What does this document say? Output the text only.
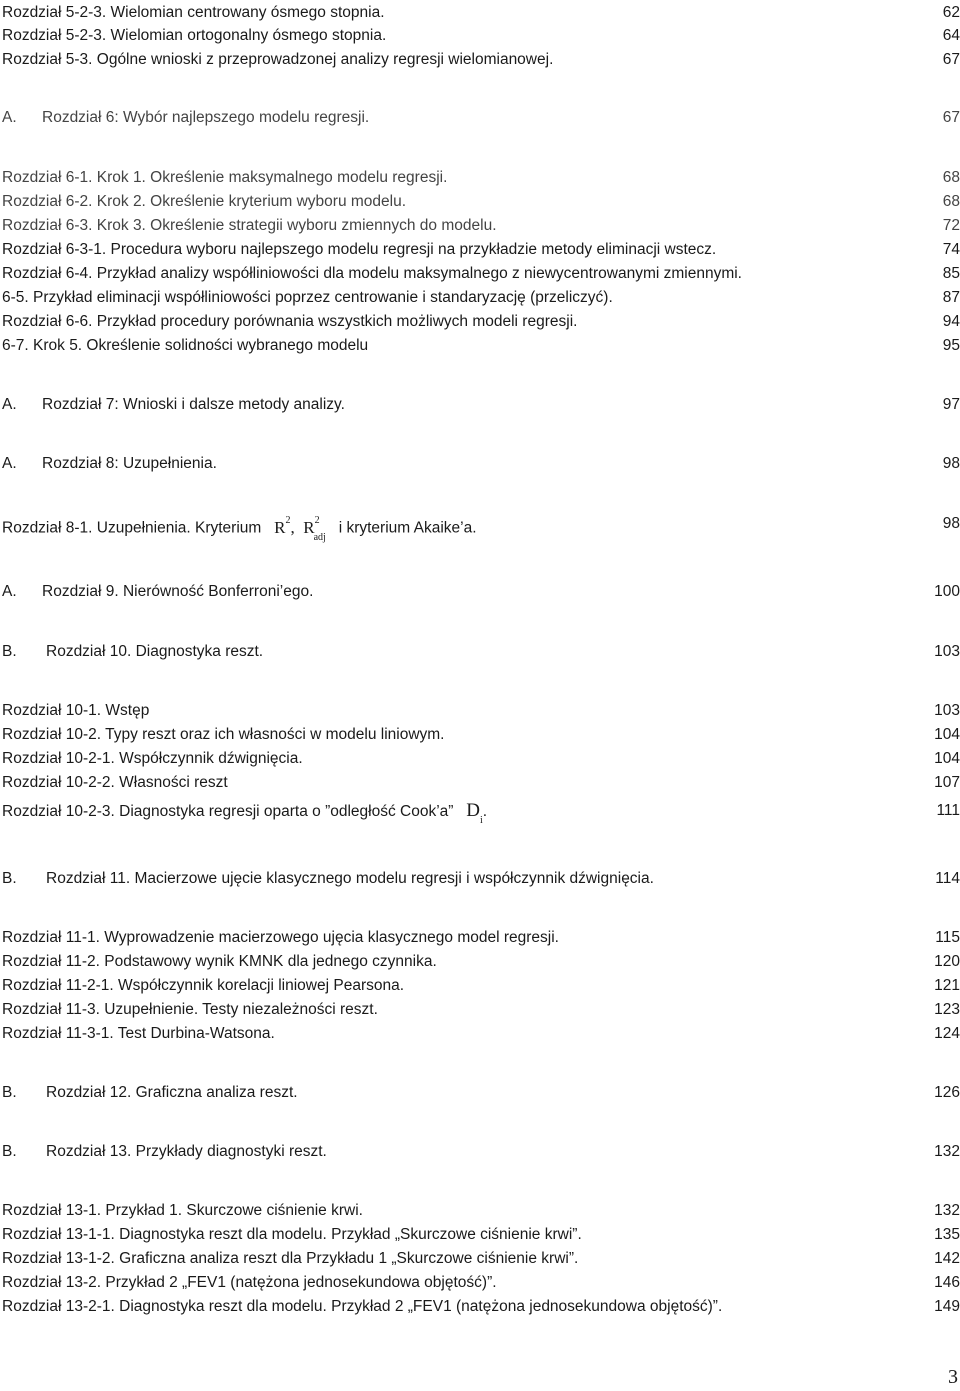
Rozdział 5-2-3. Wielomian centrowany ósmego stopnia.	62
Rozdział 5-2-3. Wielomian ortogonalny ósmego stopnia.	64
Rozdział 5-3. Ogólne wnioski z przeprowadzonej analizy regresji wielomianowej.	67
A. Rozdział 6: Wybór najlepszego modelu regresji.	67
Rozdział 6-1. Krok 1. Określenie maksymalnego modelu regresji.	68
Rozdział 6-2. Krok 2. Określenie kryterium wyboru modelu.	68
Rozdział 6-3. Krok 3. Określenie strategii wyboru zmiennych do modelu.	72
Rozdział 6-3-1. Procedura wyboru najlepszego modelu regresji na przykładzie metody eliminacji wstecz.	74
Rozdział 6-4. Przykład analizy współliniowości dla modelu maksymalnego z niewycentrowanymi zmiennymi.	85
6-5. Przykład eliminacji współliniowości poprzez centrowanie i standaryzację (przeliczyć).	87
Rozdział 6-6. Przykład procedury porównania wszystkich możliwych modeli regresji.	94
6-7. Krok 5. Określenie solidności wybranego modelu	95
A. Rozdział 7: Wnioski i dalsze metody analizy.	97
A. Rozdział 8: Uzupełnienia.	98
Rozdział 8-1. Uzupełnienia. Kryterium $R^2$, $R^2_{adj}$   i kryterium Akaike’a.	98
A. Rozdział 9. Nierówność Bonferroni’ego.	100
B. Rozdział 10. Diagnostyka reszt.	103
Rozdział 10-1. Wstęp	103
Rozdział 10-2. Typy reszt oraz ich własności w modelu liniowym.	104
Rozdział 10-2-1. Współczynnik dźwignięcia.	104
Rozdział 10-2-2. Własności reszt	107
Rozdział 10-2-3. Diagnostyka regresji oparta o ”odległość Cook’a” $D_i$.	111
B. Rozdział 11. Macierzowe ujęcie klasycznego modelu regresji i współczynnik dźwignięcia.	114
Rozdział 11-1. Wyprowadzenie macierzowego ujęcia klasycznego model regresji.	115
Rozdział 11-2. Podstawowy wynik KMNK dla jednego czynnika.	120
Rozdział 11-2-1. Współczynnik korelacji liniowej Pearsona.	121
Rozdział 11-3. Uzupełnienie. Testy niezależności reszt.	123
Rozdział 11-3-1. Test Durbina-Watsona.	124
B. Rozdział 12. Graficzna analiza reszt.	126
B. Rozdział 13. Przykłady diagnostyki reszt.	132
Rozdział 13-1. Przykład 1. Skurczowe ciśnienie krwi.	132
Rozdział 13-1-1. Diagnostyka reszt dla modelu. Przykład „Skurczowe ciśnienie krwi”.	135
Rozdział 13-1-2. Graficzna analiza reszt dla Przykładu 1 „Skurczowe ciśnienie krwi”.	142
Rozdział 13-2. Przykład 2 „FEV1 (natężona jednosekundowa objętość)”.	146
Rozdział 13-2-1. Diagnostyka reszt dla modelu. Przykład 2 „FEV1 (natężona jednosekundowa objętość)”.	149
3
